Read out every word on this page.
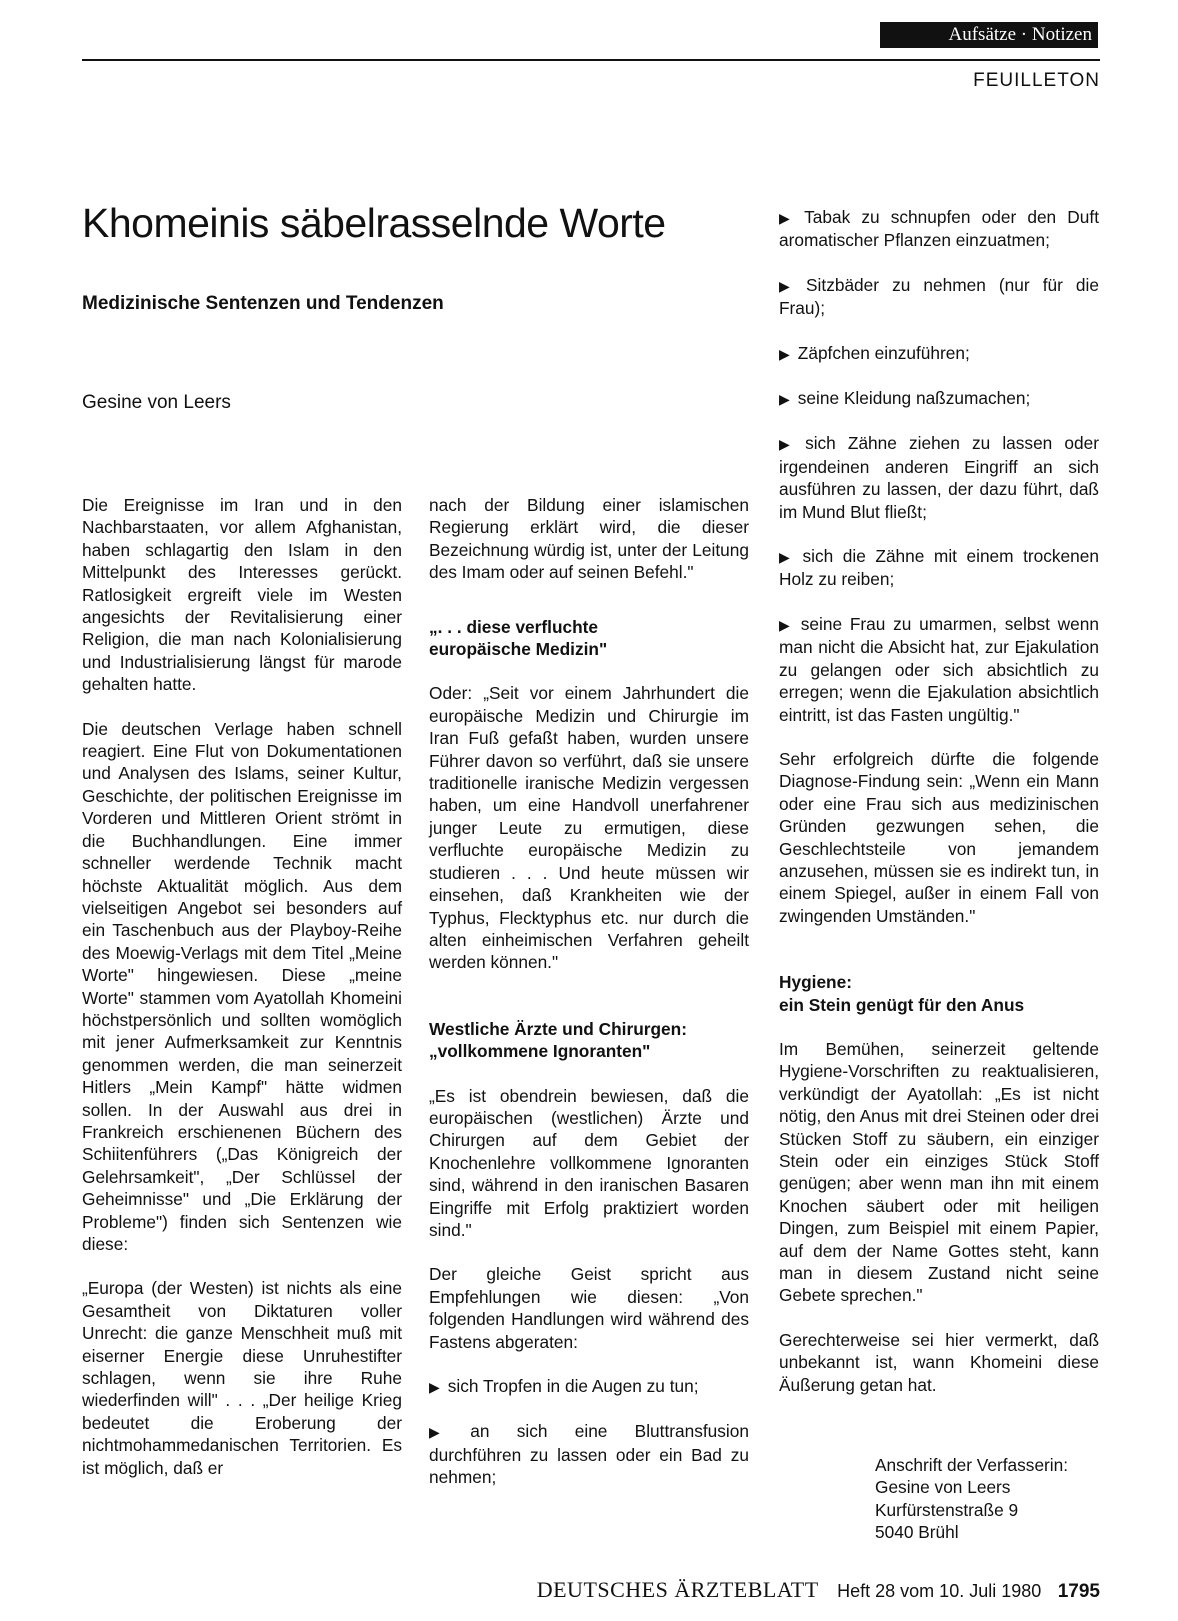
Aufsätze · Notizen
FEUILLETON
Khomeinis säbelrasselnde Worte
Medizinische Sentenzen und Tendenzen

Gesine von Leers

Die Ereignisse im Iran und in den Nachbarstaaten, vor allem Afghanistan, haben schlagartig den Islam in den Mittelpunkt des Interesses gerückt. Ratlosigkeit ergreift viele im Westen angesichts der Revitalisierung einer Religion, die man nach Kolonialisierung und Industrialisierung längst für marode gehalten hatte.

Die deutschen Verlage haben schnell reagiert. Eine Flut von Dokumentationen und Analysen des Islams, seiner Kultur, Geschichte, der politischen Ereignisse im Vorderen und Mittleren Orient strömt in die Buchhandlungen. Eine immer schneller werdende Technik macht höchste Aktualität möglich. Aus dem vielseitigen Angebot sei besonders auf ein Taschenbuch aus der Playboy-Reihe des Moewig-Verlags mit dem Titel „Meine Worte" hingewiesen. Diese „meine Worte" stammen vom Ayatollah Khomeini höchstpersönlich und sollten womöglich mit jener Aufmerksamkeit zur Kenntnis genommen werden, die man seinerzeit Hitlers „Mein Kampf" hätte widmen sollen. In der Auswahl aus drei in Frankreich erschienenen Büchern des Schiitenführers („Das Königreich der Gelehrsamkeit", „Der Schlüssel der Geheimnisse" und „Die Erklärung der Probleme") finden sich Sentenzen wie diese:

„Europa (der Westen) ist nichts als eine Gesamtheit von Diktaturen voller Unrecht: die ganze Menschheit muß mit eiserner Energie diese Unruhestifter schlagen, wenn sie ihre Ruhe wiederfinden will" . . . „Der heilige Krieg bedeutet die Eroberung der nichtmohammedanischen Territorien. Es ist möglich, daß er

nach der Bildung einer islamischen Regierung erklärt wird, die dieser Bezeichnung würdig ist, unter der Leitung des Imam oder auf seinen Befehl."

„. . . diese verfluchte
europäische Medizin"

Oder: „Seit vor einem Jahrhundert die europäische Medizin und Chirurgie im Iran Fuß gefaßt haben, wurden unsere Führer davon so verführt, daß sie unsere traditionelle iranische Medizin vergessen haben, um eine Handvoll unerfahrener junger Leute zu ermutigen, diese verfluchte europäische Medizin zu studieren . . . Und heute müssen wir einsehen, daß Krankheiten wie der Typhus, Flecktyphus etc. nur durch die alten einheimischen Verfahren geheilt werden können."

Westliche Ärzte und Chirurgen:
„vollkommene Ignoranten"

„Es ist obendrein bewiesen, daß die europäischen (westlichen) Ärzte und Chirurgen auf dem Gebiet der Knochenlehre vollkommene Ignoranten sind, während in den iranischen Basaren Eingriffe mit Erfolg praktiziert worden sind."

Der gleiche Geist spricht aus Empfehlungen wie diesen: „Von folgenden Handlungen wird während des Fastens abgeraten:

▶ sich Tropfen in die Augen zu tun;

▶ an sich eine Bluttransfusion durchführen zu lassen oder ein Bad zu nehmen;

▶ Tabak zu schnupfen oder den Duft aromatischer Pflanzen einzuatmen;

▶ Sitzbäder zu nehmen (nur für die Frau);

▶ Zäpfchen einzuführen;

▶ seine Kleidung naßzumachen;

▶ sich Zähne ziehen zu lassen oder irgendeinen anderen Eingriff an sich ausführen zu lassen, der dazu führt, daß im Mund Blut fließt;

▶ sich die Zähne mit einem trockenen Holz zu reiben;

▶ seine Frau zu umarmen, selbst wenn man nicht die Absicht hat, zur Ejakulation zu gelangen oder sich absichtlich zu erregen; wenn die Ejakulation absichtlich eintritt, ist das Fasten ungültig."

Sehr erfolgreich dürfte die folgende Diagnose-Findung sein: „Wenn ein Mann oder eine Frau sich aus medizinischen Gründen gezwungen sehen, die Geschlechtsteile von jemandem anzusehen, müssen sie es indirekt tun, in einem Spiegel, außer in einem Fall von zwingenden Umständen."

Hygiene:
ein Stein genügt für den Anus

Im Bemühen, seinerzeit geltende Hygiene-Vorschriften zu reaktualisieren, verkündigt der Ayatollah: „Es ist nicht nötig, den Anus mit drei Steinen oder drei Stücken Stoff zu säubern, ein einziger Stein oder ein einziges Stück Stoff genügen; aber wenn man ihn mit einem Knochen säubert oder mit heiligen Dingen, zum Beispiel mit einem Papier, auf dem der Name Gottes steht, kann man in diesem Zustand nicht seine Gebete sprechen."

Gerechterweise sei hier vermerkt, daß unbekannt ist, wann Khomeini diese Äußerung getan hat.

Anschrift der Verfasserin:
Gesine von Leers
Kurfürstenstraße 9
5040 Brühl
DEUTSCHES ÄRZTEBLATT Heft 28 vom 10. Juli 1980 1795
